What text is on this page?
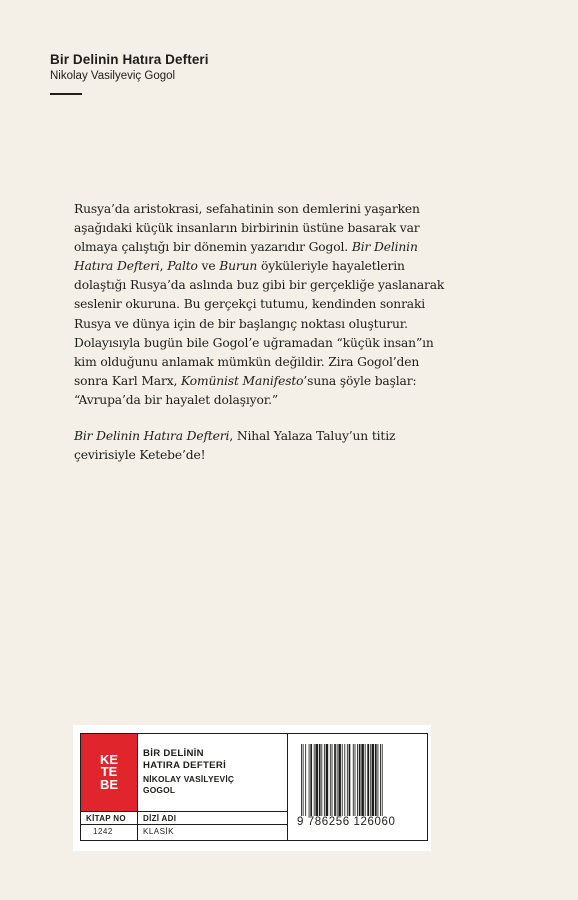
Bir Delinin Hatıra Defteri
Nikolay Vasilyeviç Gogol

Rusya’da aristokrasi, sefahatinin son demlerini yaşarken
aşağıdaki küçük insanların birbirinin üstüne basarak var
olmaya çalıştığı bir dönemin yazarıdır Gogol. Bir Delinin
Hatıra Defteri, Palto ve Burun öyküleriyle hayaletlerin
dolaştığı Rusya’da aslında buz gibi bir gerçekliğe yaslanarak
seslenir okuruna. Bu gerçekçi tutumu, kendinden sonraki
Rusya ve dünya için de bir başlangıç noktası oluşturur.
Dolayısıyla bugün bile Gogol’e uğramadan “küçük insan”ın
kim olduğunu anlamak mümkün değildir. Zira Gogol’den
sonra Karl Marx, Komünist Manifesto’suna şöyle başlar:
“Avrupa’da bir hayalet dolaşıyor.”

Bir Delinin Hatıra Defteri, Nihal Yalaza Taluy’un titiz
çevirisiyle Ketebe’de!

KE
TE
BE
BİR DELİNİN
HATIRA DEFTERİ
NİKOLAY VASİLYEVİÇ
GOGOL
KİTAP NO DİZİ ADI
1242	KLASİK
9 786256 126060
